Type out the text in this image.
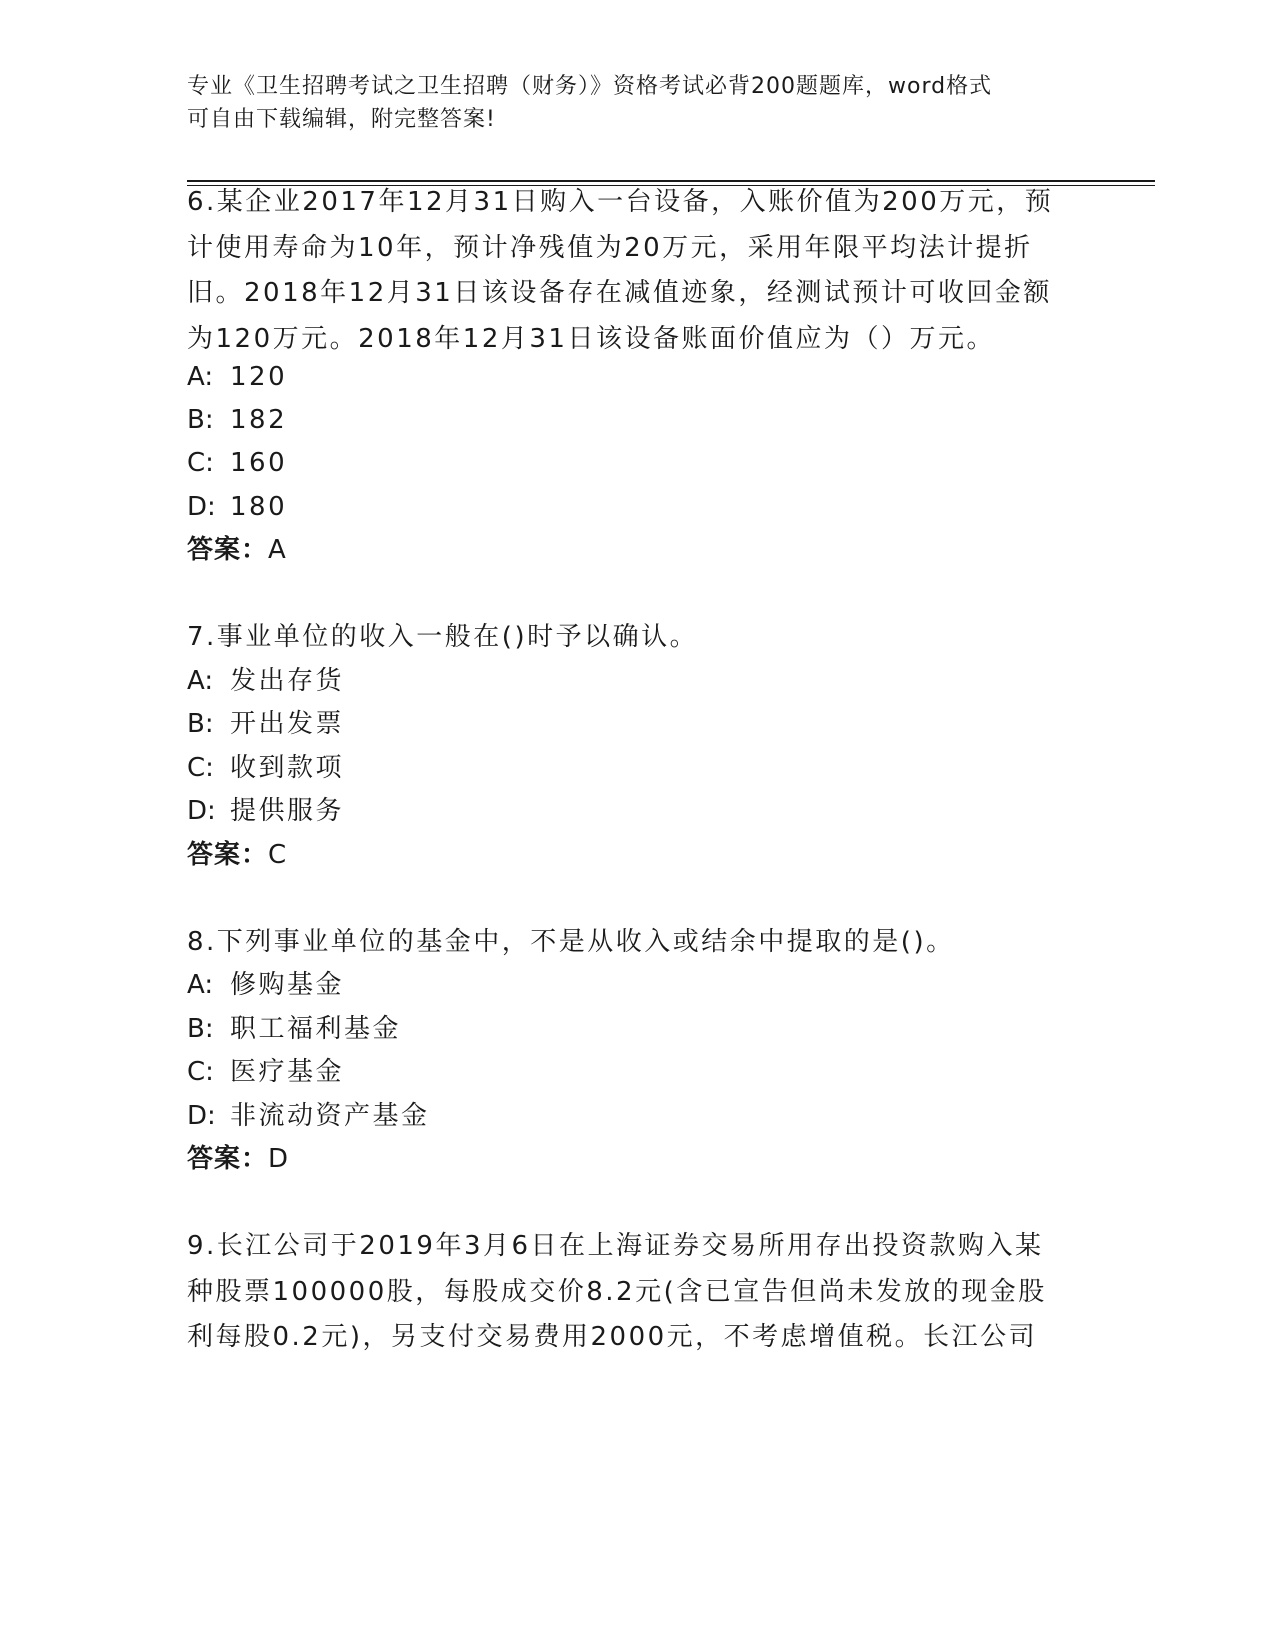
专业《卫生招聘考试之卫生招聘（财务）》资格考试必背200题题库，word格式
可自由下载编辑，附完整答案!

6.某企业2017年12月31日购入一台设备，入账价值为200万元，预计使用寿命为10年，预计净残值为20万元，采用年限平均法计提折旧。2018年12月31日该设备存在减值迹象，经测试预计可收回金额为120万元。2018年12月31日该设备账面价值应为（）万元。

A: 120

B: 182

C: 160

D: 180

答案：A

7.事业单位的收入一般在()时予以确认。

A: 发出存货

B: 开出发票

C: 收到款项

D: 提供服务

答案：C

8.下列事业单位的基金中，不是从收入或结余中提取的是()。

A: 修购基金

B: 职工福利基金

C: 医疗基金

D: 非流动资产基金

答案：D

9.长江公司于2019年3月6日在上海证券交易所用存出投资款购入某种股票100000股，每股成交价8.2元(含已宣告但尚未发放的现金股利每股0.2元)，另支付交易费用2000元，不考虑增值税。长江公司
